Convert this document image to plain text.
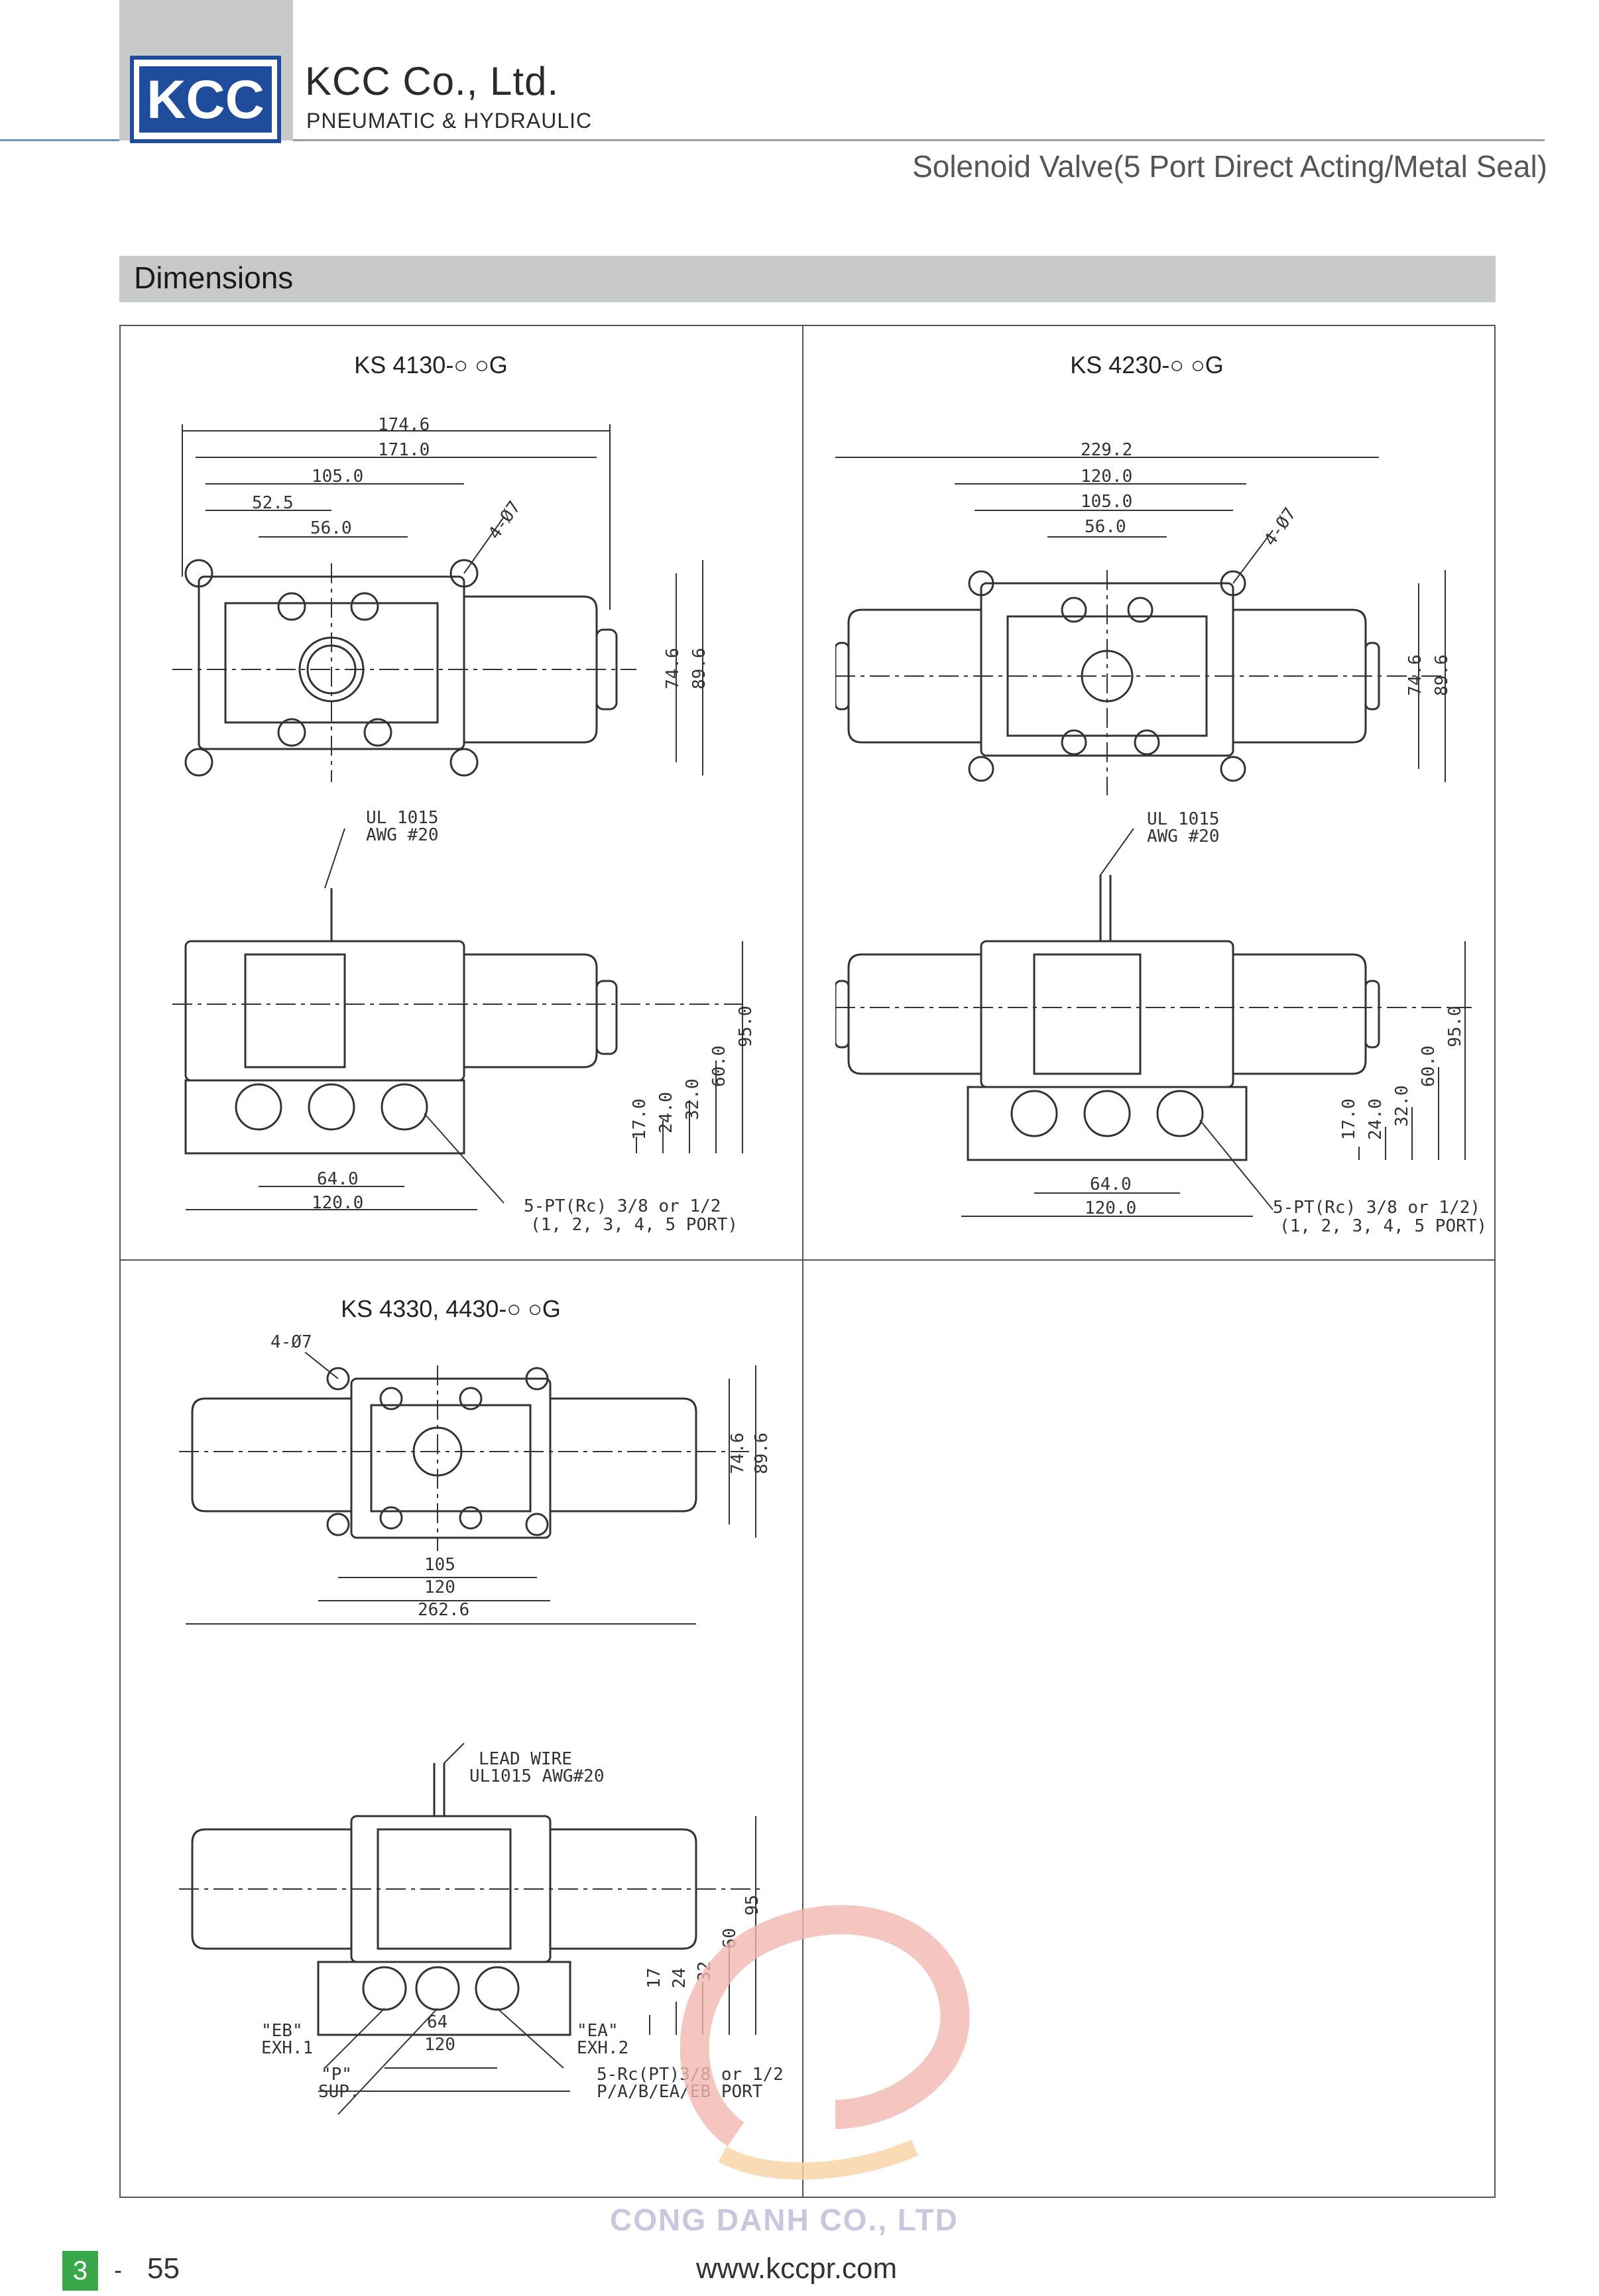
KCC KCC Co., Ltd.
PNEUMATIC & HYDRAULIC
Solenoid Valve(5 Port Direct Acting/Metal Seal)
Dimensions
KS 4130-○ ○G
174.6
171.0
105.0
52.5
56.0	4-Ø7
74.6 89.6
UL 1015
AWG #20
95.0
60.0
32.0
24.0
17.0
64.0
120.0	5-PT(Rc) 3/8 or 1/2
(1, 2, 3, 4, 5 PORT)
KS 4230-○ ○G
229.2
120.0
105.0
56.0	4-Ø7
74.6 89.6
UL 1015
AWG #20
95.0
60.0
32.0
24.0
17.0
64.0
120.0	5-PT(Rc) 3/8 or 1/2)
(1, 2, 3, 4, 5 PORT)
KS 4330, 4430-○ ○G
4-Ø7
74.6 89.6
105
120
262.6
LEAD WIRE
UL1015 AWG#20
95
60
32
24
17
64
120
"EB"
EXH.1
"EA"
EXH.2
"P"
SUP.
5-Rc(PT)3/8 or 1/2
P/A/B/EA/EB PORT
CONG DANH CO., LTD
3	- 55	www.kccpr.com
